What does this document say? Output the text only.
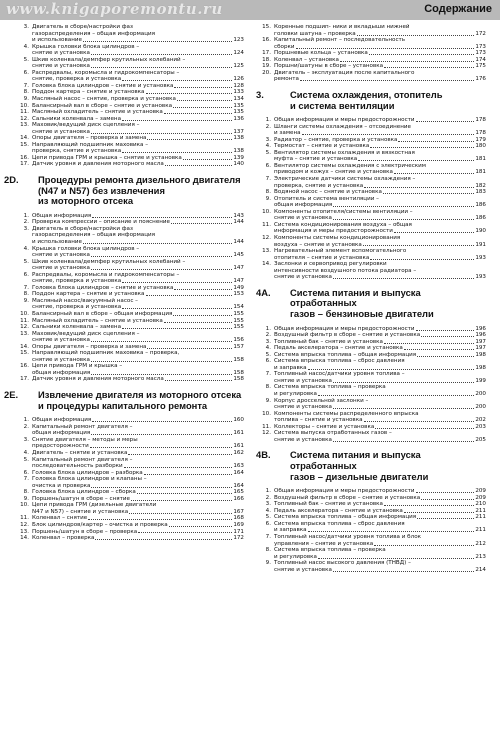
www.knigaporemontu.ru	Содержание
3. Двигатель в сборе/настройки фаз
газораспределения – общая информация
и использование	123
4. Крышка головки блока цилиндров –
снятие и установка	124
5. Шкив коленвала/демпфер крутильных колебаний –
снятие и установка	125
6. Распредвалы, коромысла и гидрокомпенсаторы –
снятие, проверка и установка	126
7. Головка блока цилиндров – снятие и установка	128
8. Поддон картера – снятие и установка	133
9. Масляный насос – снятие, проверка и установка	134
10. Балансирный вал в сборе – снятие и установка	135
11. Масляный охладитель – снятие и установка	135
12. Сальники коленвала – замена	136
13. Маховик/ведущий диск сцепления –
снятие и установка	137
14. Опоры двигателя – проверка и замена	138
15. Направляющий подшипник маховика –
проверка, снятие и установка	138
16. Цепи привода ГРМ и крышка – снятие и установка	139
17. Датчик уровня и давления моторного масла	140
2D. Процедуры ремонта дизельного двигателя
(N47 и N57) без извлечения
из моторного отсека
1. Общая информация	143
2. Проверка компрессии – описание и пояснение	144
3. Двигатель в сборе/настройки фаз
газораспределения – общая информация
и использование	144
4. Крышка головки блока цилиндров –
снятие и установка	145
5. Шкив коленвала/демпфер крутильных колебаний –
снятие и установка	147
6. Распредвалы, коромысла и гидрокомпенсаторы –
снятие, проверка и установка	147
7. Головка блока цилиндров – снятие и установка	149
8. Поддон картера – снятие и установка	153
9. Масляный насос/вакуумный насос –
снятие, проверка и установка	154
10. Балансирный вал в сборе – общая информация	155
11. Масляный охладитель – снятие и установка	155
12. Сальники коленвала – замена	155
13. Маховик/ведущий диск сцепления –
снятие и установка	156
14. Опоры двигателя – проверка и замена	157
15. Направляющий подшипник маховика – проверка,
снятие и установка	158
16. Цепи привода ГРМ и крышка –
общая информация	158
17. Датчик уровня и давления моторного масла	158
2E. Извлечение двигателя из моторного отсека
и процедуры капитального ремонта
1. Общая информация	160
2. Капитальный ремонт двигателя –
общая информация	161
3. Снятие двигателя – методы и меры
предосторожности	161
4. Двигатель – снятие и установка	162
5. Капитальный ремонт двигателя –
последовательность разборки	163
6. Головка блока цилиндров – разборка	164
7. Головка блока цилиндров и клапаны –
очистка и проверка	164
8. Головка блока цилиндров – сборка	165
9. Поршень/шатун в сборе – снятие	166
10. Цепи привода ГРМ (дизельные двигатели
N47 и N57) – снятие и установка	167
11. Коленвал – снятие	168
12. Блок цилиндров/картер – очистка и проверка	169
13. Поршень/шатун в сборе – проверка	171
14. Коленвал – проверка	172
15. Коренные подшип- ники и вкладыши нижней
головки шатуна – проверка	172
16. Капитальный ремонт – последовательность
сборки	173
17. Поршневые кольца – установка	173
18. Коленвал – установка	174
19. Поршни/шатуны в сборе – установка	175
20. Двигатель – эксплуатация после капитального
ремонта	176
3.	Система охлаждения, отопитель
и система вентиляции
1. Общая информация и меры предосторожности	178
2. Шланги системы охлаждения – отсоединение
и замена	178
3. Радиатор – снятие, проверка и установка	179
4. Термостат – снятие и установка	180
5. Вентилятор системы охлаждения и вязкостная
муфта – снятие и установка	181
6. Вентилятор системы охлаждения с электрическим
приводом и кожух – снятие и установка	181
7. Электрические датчики системы охлаждения –
проверка, снятие и установка	182
8. Водяной насос – снятие и установка	183
9. Отопитель и система вентиляции –
общая информация	186
10. Компоненты отопителя/системы вентиляции –
снятие и установка	186
11. Система кондиционирования воздуха – общая
информация и меры предосторожности	190
12. Компоненты системы кондиционирования
воздуха – снятие и установка	191
13. Нагревательный элемент вспомогательного
отопителя – снятие и установка	193
14. Заслонки и сервопривод регулировки
интенсивности воздушного потока радиатора –
снятие и установка	193
4A. Система питания и выпуска отработанных
газов – бензиновые двигатели
1. Общая информация и меры предосторожности	196
2. Воздушный фильтр в сборе – снятие и установка	196
3. Топливный бак – снятие и установка	197
4. Педаль акселератора – снятие и установка	197
5. Система впрыска топлива – общая информация	198
6. Система впрыска топлива – сброс давления
и заправка	198
7. Топливный насос/датчики уровня топлива –
снятие и установка	199
8. Система впрыска топлива – проверка
и регулировка	200
9. Корпус дроссельной заслонки –
снятие и установка	200
10. Компоненты системы распределенного впрыска
топлива – снятие и установка	202
11. Коллекторы – снятие и установка	203
12. Система выпуска отработанных газов –
снятие и установка	205
4B. Система питания и выпуска отработанных
газов – дизельные двигатели
1. Общая информация и меры предосторожности	209
2. Воздушный фильтр в сборе – снятие и установка	209
3. Топливный бак – снятие и установка	210
4. Педаль акселератора – снятие и установка	211
5. Система впрыска топлива – общая информация	211
6. Система впрыска топлива – сброс давления
и заправка	211
7. Топливный насос/датчики уровня топлива и блок
управления – снятие и установка	212
8. Система впрыска топлива – проверка
и регулировка	213
9. Топливный насос высокого давления (ТНВД) –
снятие и установка	214
